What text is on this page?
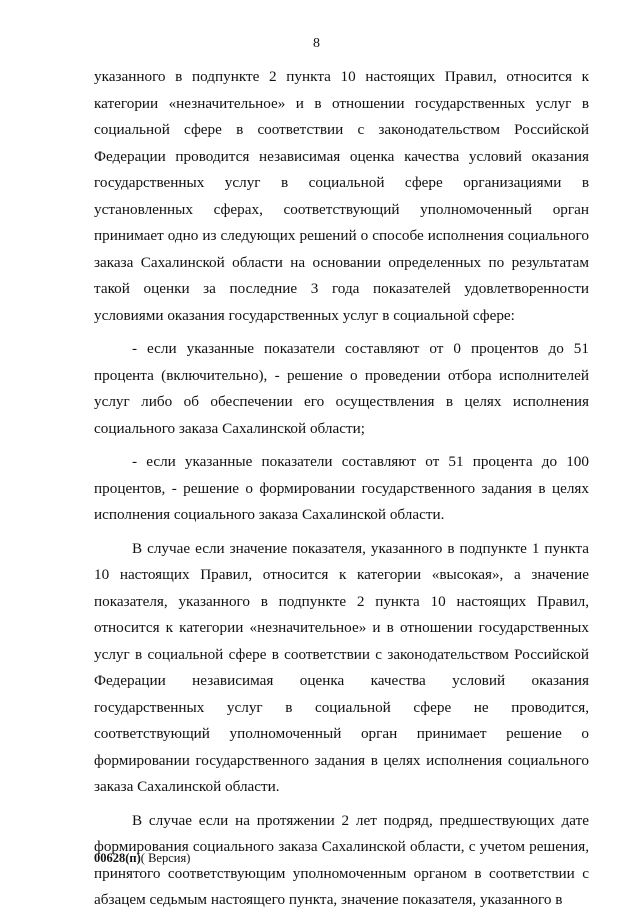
8

указанного в подпункте 2 пункта 10 настоящих Правил, относится к категории «незначительное» и в отношении государственных услуг в социальной сфере в соответствии с законодательством Российской Федерации проводится независимая оценка качества условий оказания государственных услуг в социальной сфере организациями в установленных сферах, соответствующий уполномоченный орган принимает одно из следующих решений о способе исполнения социального заказа Сахалинской области на основании определенных по результатам такой оценки за последние 3 года показателей удовлетворенности условиями оказания государственных услуг в социальной сфере:

- если указанные показатели составляют от 0 процентов до 51 процента (включительно), - решение о проведении отбора исполнителей услуг либо об обеспечении его осуществления в целях исполнения социального заказа Сахалинской области;

- если указанные показатели составляют от 51 процента до 100 процентов, - решение о формировании государственного задания в целях исполнения социального заказа Сахалинской области.

В случае если значение показателя, указанного в подпункте 1 пункта 10 настоящих Правил, относится к категории «высокая», а значение показателя, указанного в подпункте 2 пункта 10 настоящих Правил, относится к категории «незначительное» и в отношении государственных услуг в социальной сфере в соответствии с законодательством Российской Федерации независимая оценка качества условий оказания государственных услуг в социальной сфере не проводится, соответствующий уполномоченный орган принимает решение о формировании государственного задания в целях исполнения социального заказа Сахалинской области.

В случае если на протяжении 2 лет подряд, предшествующих дате формирования социального заказа Сахалинской области, с учетом решения, принятого соответствующим уполномоченным органом в соответствии с абзацем седьмым настоящего пункта, значение показателя, указанного в

00628(п)( Версия)
